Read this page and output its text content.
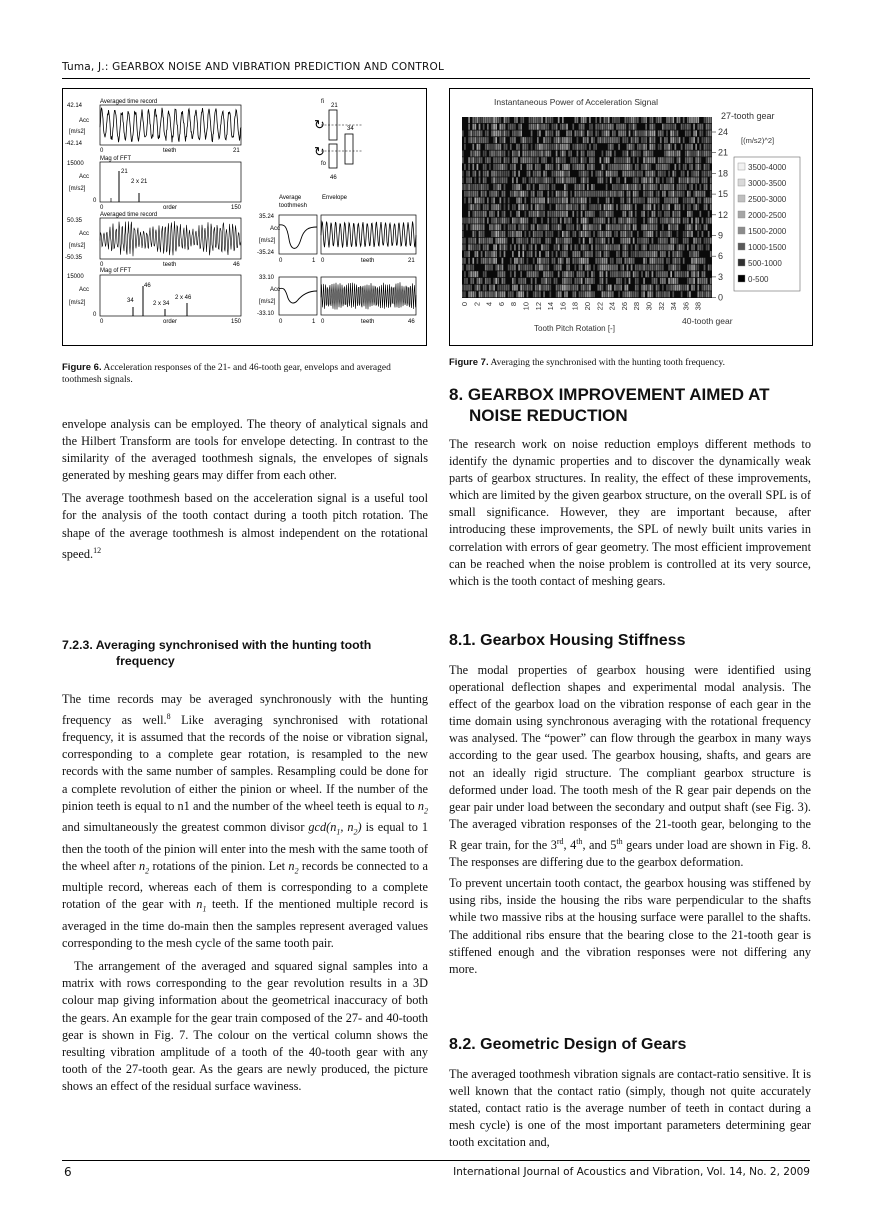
Tuma, J.: GEARBOX NOISE AND VIBRATION PREDICTION AND CONTROL
6	International Journal of Acoustics and Vibration, Vol. 14, No. 2, 2009
Averaged time record
42.14
Acc
[m/s2]
-42.14
0	teeth	21
Mag of FFT
15000
Acc
[m/s2]
0
21
2 x 21
0	order	150
Averaged time record
50.35
Acc
[m/s2]
-50.35
0	teeth	46
Mag of FFT
15000
Acc
[m/s2]
0
46
34	2 x 34
2 x 46
0	order	150
fi
21
34
46
↻
↻
fo
Average
toothmesh
Envelope
35.24
Acc
[m/s2]
-35.24
0	1 0	teeth	21
33.10
Acc
[m/s2]
-33.10
0	1 0	teeth	46
Figure 6. Acceleration responses of the 21- and 46-tooth gear, envelops and averaged toothmesh signals.
Instantaneous Power of Acceleration Signal
27-tooth gear
[(m/s2)^2]
24
21
18
15
12
9
6
3
0
0 2 4 6 8 10 12 14 16 18 20 22 24 26 28 30 32 34 36 38
3500-4000
3000-3500
2500-3000
2000-2500
1500-2000
1000-1500
500-1000
0-500
Tooth Pitch Rotation [-]
40-tooth gear
Figure 7. Averaging the synchronised with the hunting tooth frequency.

envelope analysis can be employed. The theory of analytical signals and the Hilbert Transform are tools for envelope detecting. In contrast to the similarity of the averaged toothmesh signals, the envelopes of signals generated by meshing gears may differ from each other.

The average toothmesh based on the acceleration signal is a useful tool for the analysis of the tooth contact during a tooth pitch rotation. The shape of the average toothmesh is almost independent on the rotational speed.$^{12}$

7.2.3. Averaging synchronised with the hunting tooth
frequency

The time records may be averaged synchronously with the hunting frequency as well.$^8$ Like averaging synchronised with rotational frequency, it is assumed that the records of the noise or vibration signal, corresponding to a complete gear rotation, is resampled to the new records with the same number of samples. Resampling could be done for a complete revolution of either the pinion or wheel. If the number of the pinion teeth is equal to n1 and the number of the wheel teeth is equal to $n_2$ and simultaneously the greatest common divisor $\gcd(n_1$, $n_2$) is equal to 1 then the tooth of the pinion will enter into the mesh with the same tooth of the wheel after $n_2$ rotations of the pinion. Let $n_2$ records be connected to a multiple record, whereas each of them is corresponding to a complete rotation of the gear with $n_1$ teeth. If the mentioned multiple record is averaged in the time do-main then the samples represent averaged values corresponding to the mesh cycle of the same tooth pair.

The arrangement of the averaged and squared signal samples into a matrix with rows corresponding to the gear revolution results in a 3D colour map giving information about the geometrical inaccuracy of both the gears. An example for the gear train composed of the 27- and 40-tooth gear is shown in Fig. 7. The colour on the vertical column shows the resulting vibration amplitude of a tooth of the 40-tooth gear with any tooth of the 27-tooth gear. As the gears are newly produced, the picture shows an effect of the residual surface waviness.

8. GEARBOX IMPROVEMENT AIMED AT
NOISE REDUCTION
The research work on noise reduction employs different methods to identify the dynamic properties and to discover the dynamically weak parts of gearbox structures. In reality, the effect of these improvements, which are limited by the given gearbox structure, on the overall SPL is of small significance. However, they are important because, after introducing these improvements, the SPL of newly built units varies in correlation with errors of gear geometry. The most efficient improvement can be reached when the noise problem is controlled at its very source, which is the tooth contact of meshing gears.
8.1. Gearbox Housing Stiffness

The modal properties of gearbox housing were identified using operational deflection shapes and experimental modal analysis. The effect of the gearbox load on the vibration response of each gear in the time domain using synchronous averaging with the rotational frequency was analysed. The “power” can flow through the gearbox in many ways according to the gear used. The gearbox housing, shafts, and gears are not an ideally rigid structure. The compliant gearbox structure is deformed under load. The tooth mesh of the R gear pair depends on the gear pair under load between the secondary and output shaft (see Fig. 3). The averaged vibration responses of the 21-tooth gear, belonging to the R gear train, for the 3rd, 4th, and 5th gears under load are shown in Fig. 8. The responses are differing due to the gearbox deformation.

To prevent uncertain tooth contact, the gearbox housing was stiffened by using ribs, inside the housing the ribs ware perpendicular to the shafts while two massive ribs at the housing surface were parallel to the shafts. The additional ribs ensure that the bearing close to the 21-tooth gear is stiffened enough and the vibration responses were not differing any more.

8.2. Geometric Design of Gears
The averaged toothmesh vibration signals are contact-ratio sensitive. It is well known that the contact ratio (simply, though not quite accurately stated, contact ratio is the average number of teeth in contact during a mesh cycle) is one of the most important parameters determining gear tooth excitation and,
